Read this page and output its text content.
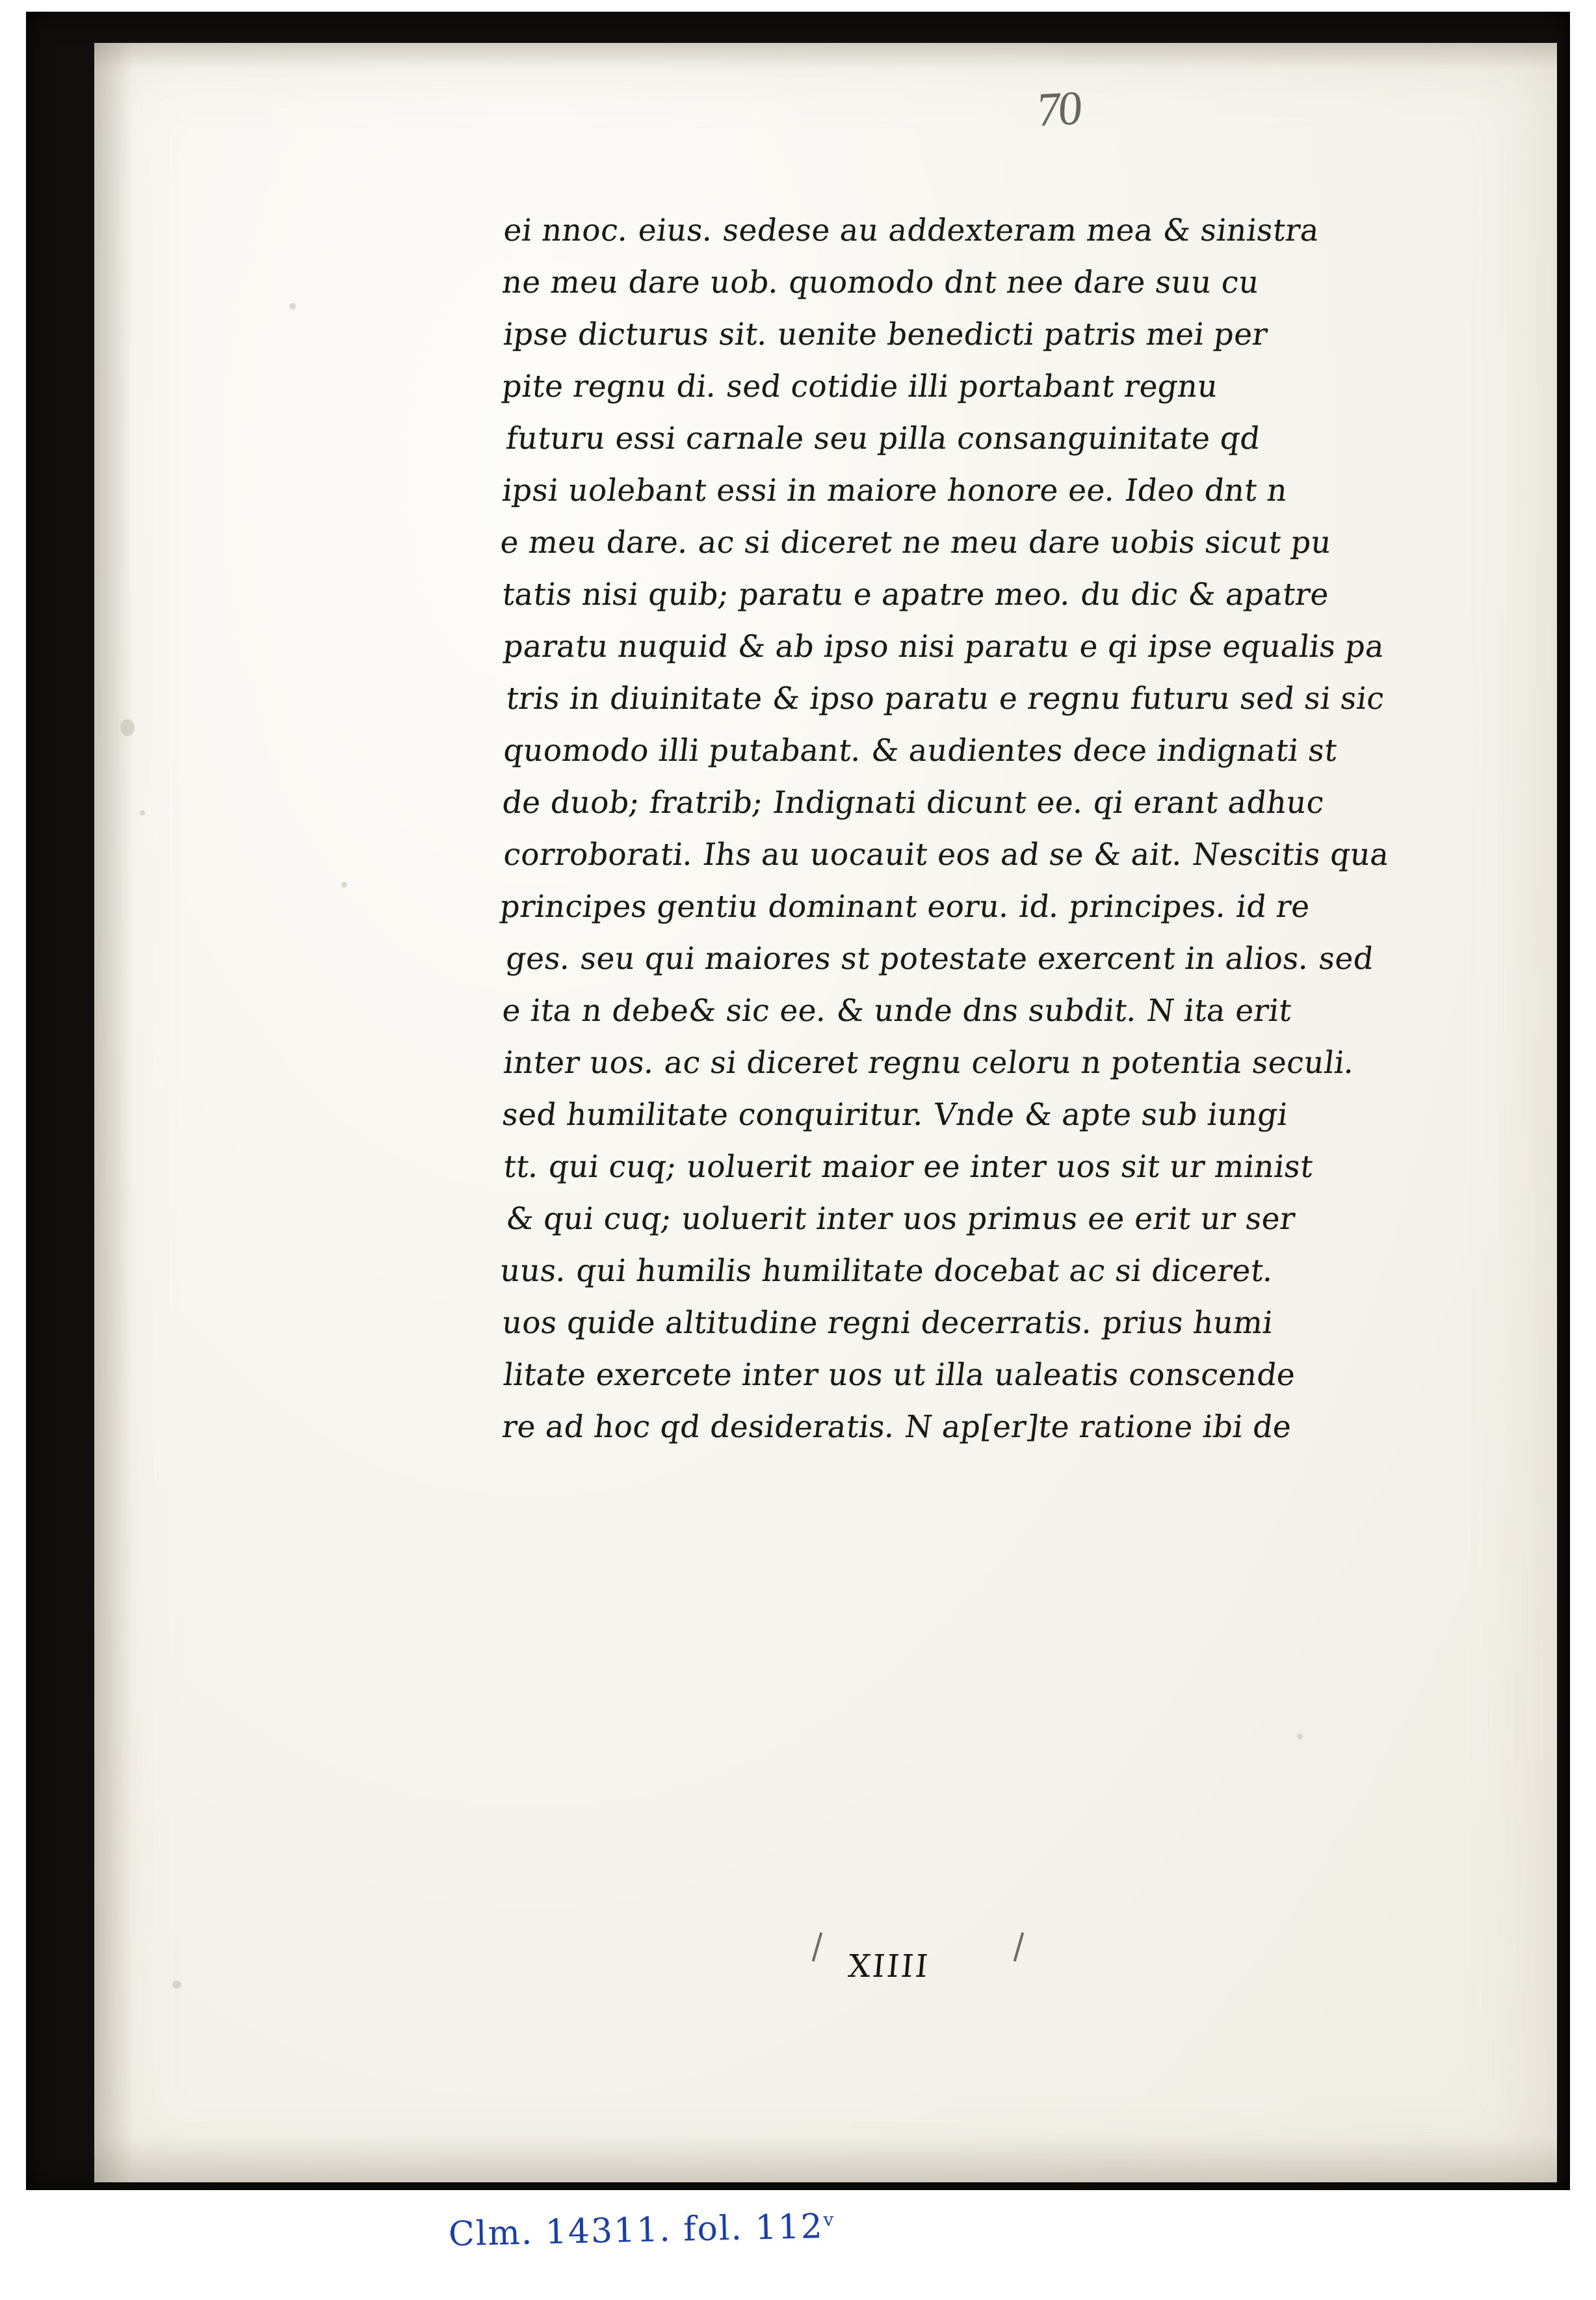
70
ei nnoc. eius. sedese au addexteram mea & sinistra
ne meu dare uob. quomodo dnt nee dare suu cu
ipse dicturus sit. uenite benedicti patris mei per
pite regnu di. sed cotidie illi portabant regnu
futuru essi carnale seu pilla consanguinitate qd
ipsi uolebant essi in maiore honore ee. Ideo dnt n
e meu dare. ac si diceret ne meu dare uobis sicut pu
tatis nisi quib; paratu e apatre meo. du dic & apatre
paratu nuquid & ab ipso nisi paratu e qi ipse equalis pa
tris in diuinitate & ipso paratu e regnu futuru sed si sic
quomodo illi putabant. & audientes dece indignati st
de duob; fratrib; Indignati dicunt ee. qi erant adhuc
corroborati. Ihs au uocauit eos ad se & ait. Nescitis qua
principes gentiu dominant eoru. id. principes. id re
ges. seu qui maiores st potestate exercent in alios. sed
e ita n debe& sic ee. & unde dns subdit. N ita erit
inter uos. ac si diceret regnu celoru n potentia seculi.
sed humilitate conquiritur. Vnde & apte sub iungi
tt. qui cuq; uoluerit maior ee inter uos sit ur minist
& qui cuq; uoluerit inter uos primus ee erit ur ser
uus. qui humilis humilitate docebat ac si diceret.
uos quide altitudine regni decerratis. prius humi
litate exercete inter uos ut illa ualeatis conscende
re ad hoc qd desideratis. N ap[er]te ratione ibi de
XIIII
Clm. 14311. fol. 112$^v$
